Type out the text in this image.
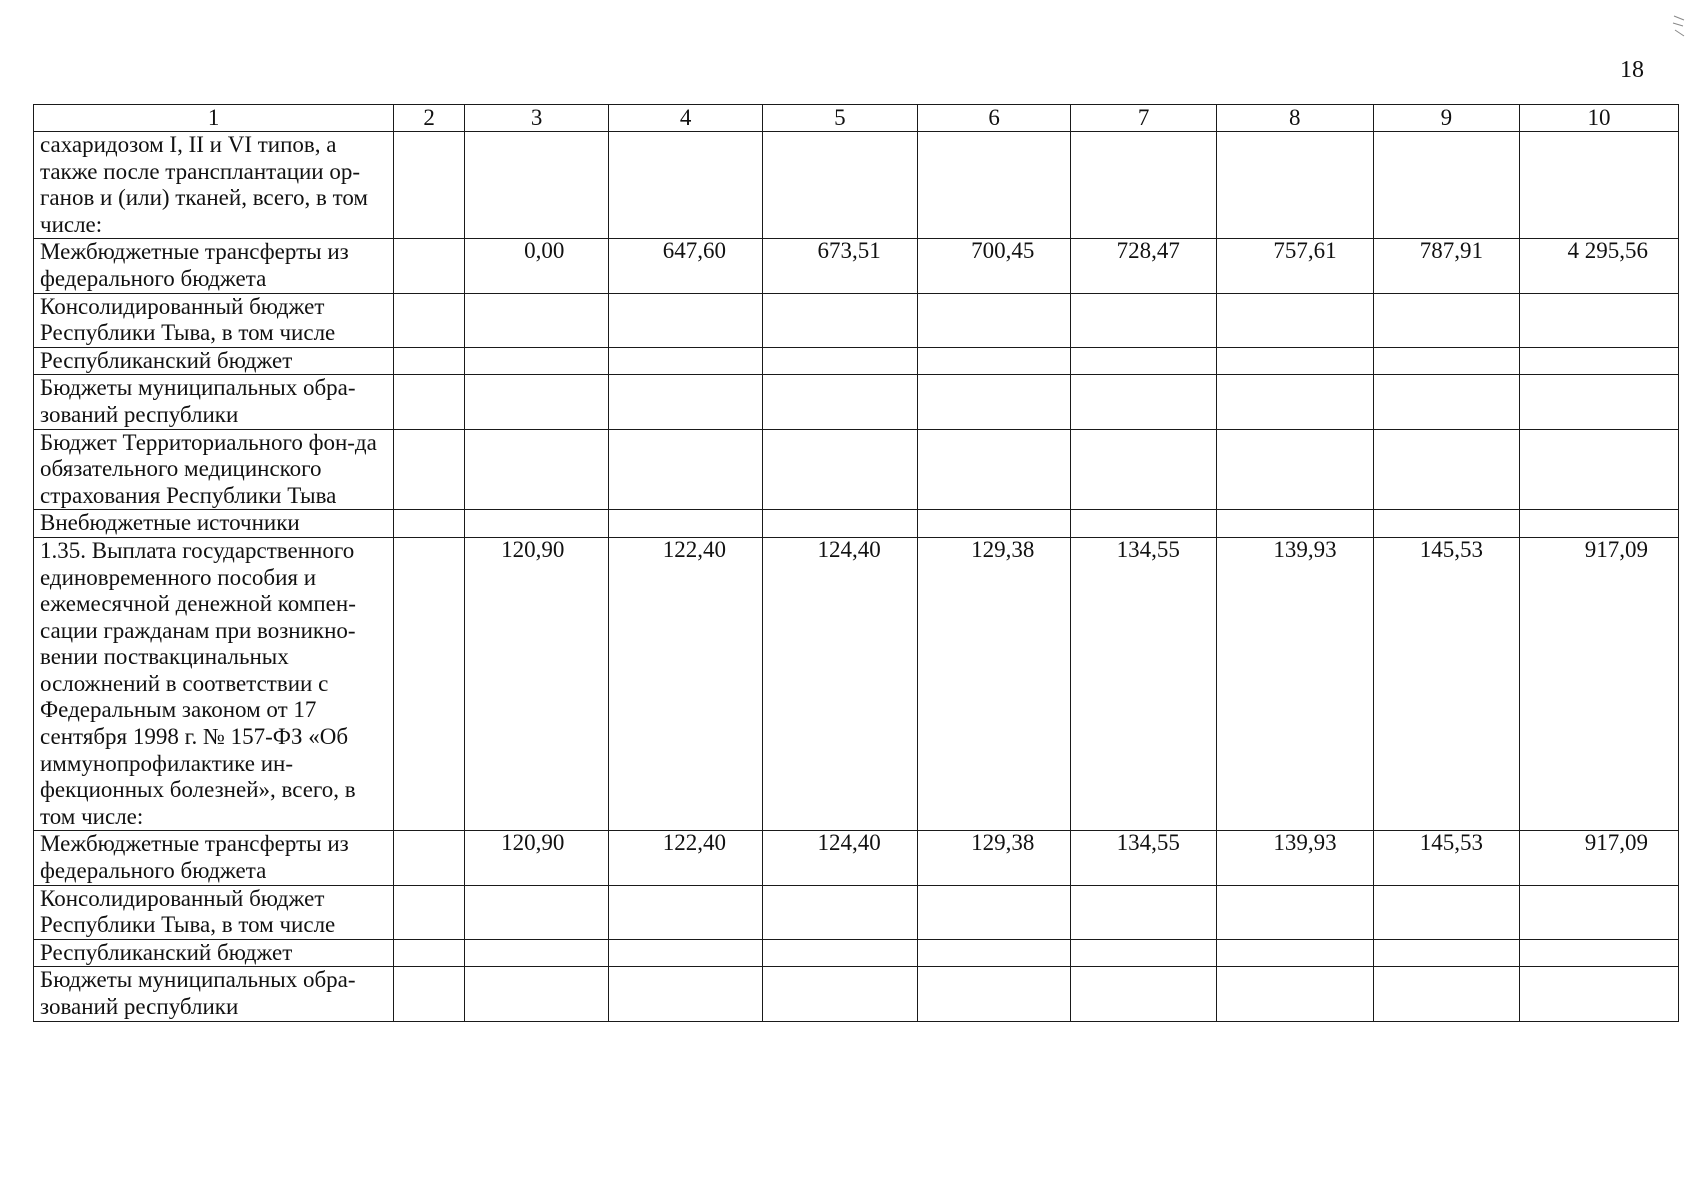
18
1	2	3	4	5	6	7	8	9	10
сахаридозом I, II и VI типов, а также после трансплантации ор-ганов и (или) тканей, всего, в том числе:									
Межбюджетные трансферты из федерального бюджета		0,00	647,60	673,51	700,45	728,47	757,61	787,91	4 295,56
Консолидированный бюджет Республики Тыва, в том числе									
Республиканский бюджет									
Бюджеты муниципальных обра-зований республики									
Бюджет Территориального фон-да обязательного медицинского страхования Республики Тыва									
Внебюджетные источники									
1.35. Выплата государственного единовременного пособия и ежемесячной денежной компен-сации гражданам при возникно-вении поствакцинальных осложнений в соответствии с Федеральным законом от 17 сентября 1998 г. № 157-ФЗ «Об иммунопрофилактике ин-фекционных болезней», всего, в том числе:		120,90	122,40	124,40	129,38	134,55	139,93	145,53	917,09
Межбюджетные трансферты из федерального бюджета		120,90	122,40	124,40	129,38	134,55	139,93	145,53	917,09
Консолидированный бюджет Республики Тыва, в том числе									
Республиканский бюджет									
Бюджеты муниципальных обра-зований республики									
